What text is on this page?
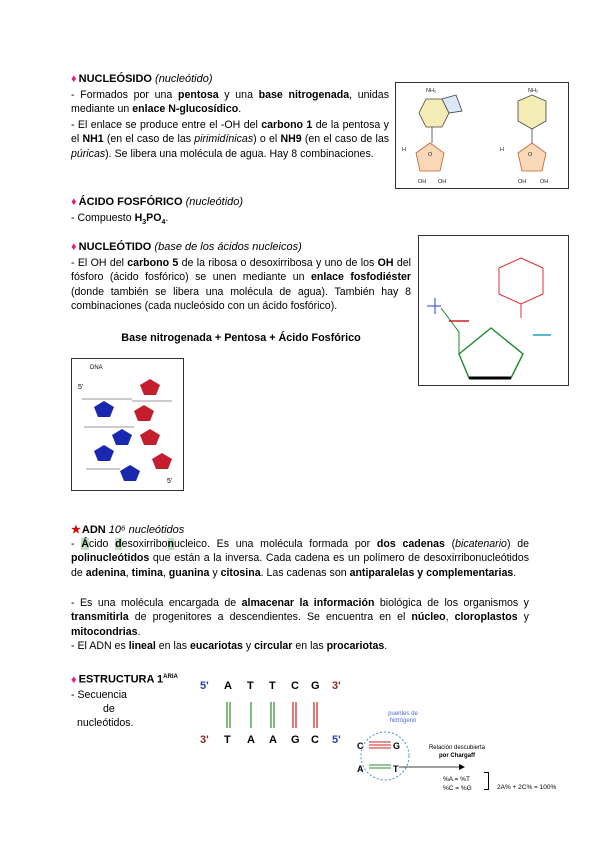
♦ NUCLEÓSIDO (nucleótido)
- Formados por una pentosa y una base nitrogenada, unidas mediante un enlace N-glucosídico.
- El enlace se produce entre el -OH del carbono 1 de la pentosa y el NH1 (en el caso de las pirimidínicas) o el NH9 (en el caso de las púricas). Se libera una molécula de agua. Hay 8 combinaciones.
NH₂	NH₂
OH OH	OH	OH
O	O
H	H
♦ ÁCIDO FOSFÓRICO (nucleótido)
- Compuesto $H_3PO_4$.
♦ NUCLEÓTIDO (base de los ácidos nucleicos)
- El OH del carbono 5 de la ribosa o desoxirribosa y uno de los OH del fósforo (ácido fosfórico) se unen mediante un enlace fosfodiéster (donde también se libera una molécula de agua). También hay 8 combinaciones (cada nucleósido con un ácido fosfórico).
Base nitrogenada + Pentosa + Ácido Fosfórico
DNA
5'
5'
★ADN 10⁶ nucleótidos
- Ácido desoxirribonucleico. Es una molécula formada por dos cadenas (bicatenario) de polinucleótidos que están a la inversa. Cada cadena es un polímero de desoxirribonucleótidos de adenina, timina, guanina y citosina. Las cadenas son antiparalelas y complementarias.
- Es una molécula encargada de almacenar la información biológica de los organismos y transmitirla de progenitores a descendientes. Se encuentra en el núcleo, cloroplastos y mitocondrias.
- El ADN es lineal en las eucariotas y circular en las procariotas.
♦ ESTRUCTURA $1^{ARIA}$
- Secuencia
de
nucleótidos.
5' A T T C G 3'
3' T A A G C 5'
puentes de
hidrógeno
C	G
A	T
Relación descubierta
por Chargaff
%A = %T
%C = %G	2A% + 2C% = 100%
